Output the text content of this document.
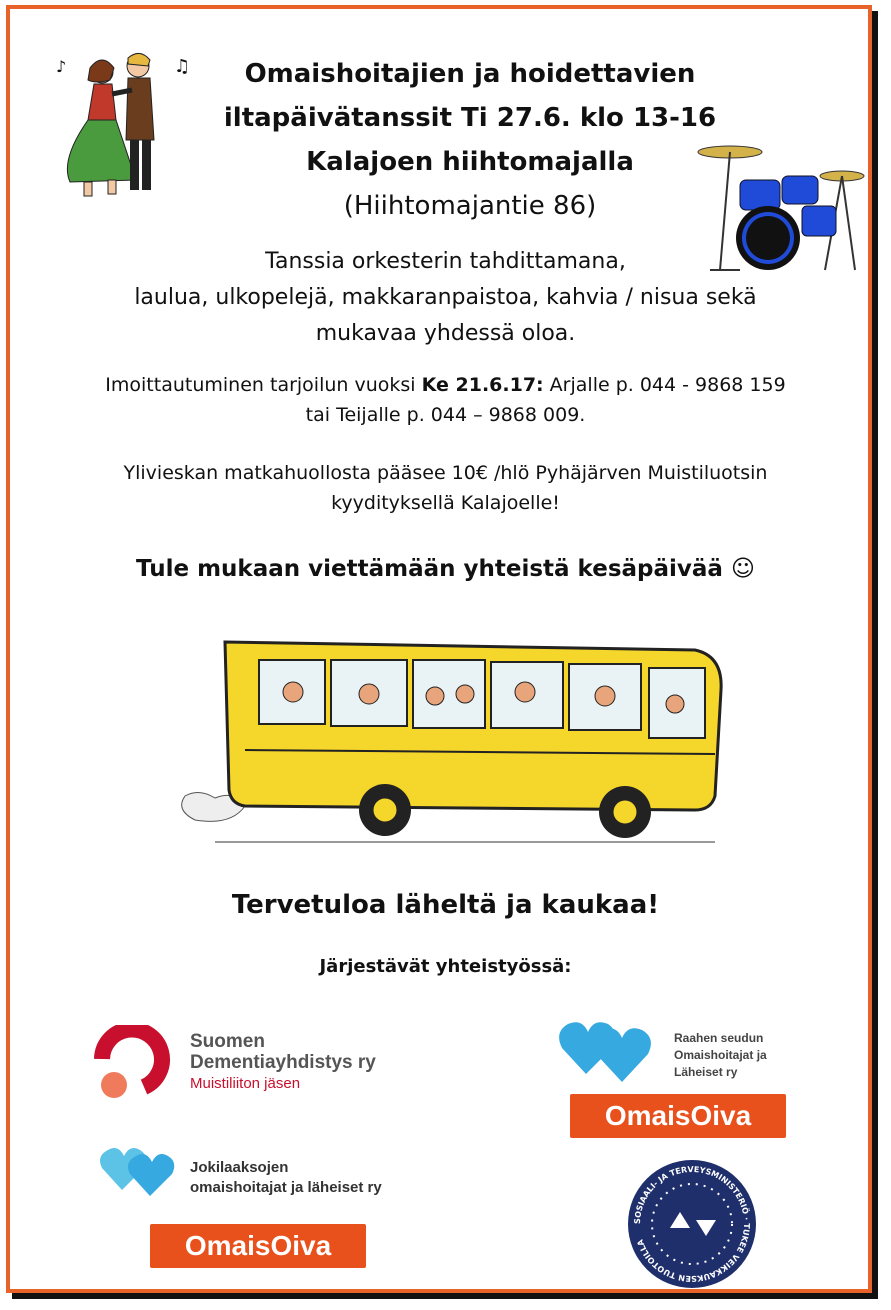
♪	♫	Omaishoitajien ja hoidettavien
iltapäivätanssit Ti 27.6. klo 13-16
Kalajoen hiihtomajalla
(Hiihtomajantie 86)
Tanssia orkesterin tahdittamana,
laulua, ulkopelejä, makkaranpaistoa, kahvia / nisua sekä
mukavaa yhdessä oloa.
Imoittautuminen tarjoilun vuoksi Ke 21.6.17: Arjalle p. 044 - 9868 159
tai Teijalle p. 044 – 9868 009.
Ylivieskan matkahuollosta pääsee 10€ /hlö Pyhäjärven Muistiluotsin
kyydityksellä Kalajoelle!
Tule mukaan viettämään yhteistä kesäpäivää ☺
Tervetuloa läheltä ja kaukaa!
Järjestävät yhteistyössä:
Suomen
Dementiayhdistys ry
Muistiliiton jäsen
Raahen seudun
Omaishoitajat ja
Läheiset ry
OmaisOiva
Jokilaaksojen
omaishoitajat ja läheiset ry
OmaisOiva
SOSIAALI- JA TERVEYSMINISTERIÖ · TUKEE VEIKKAUKSEN TUOTOILLA
